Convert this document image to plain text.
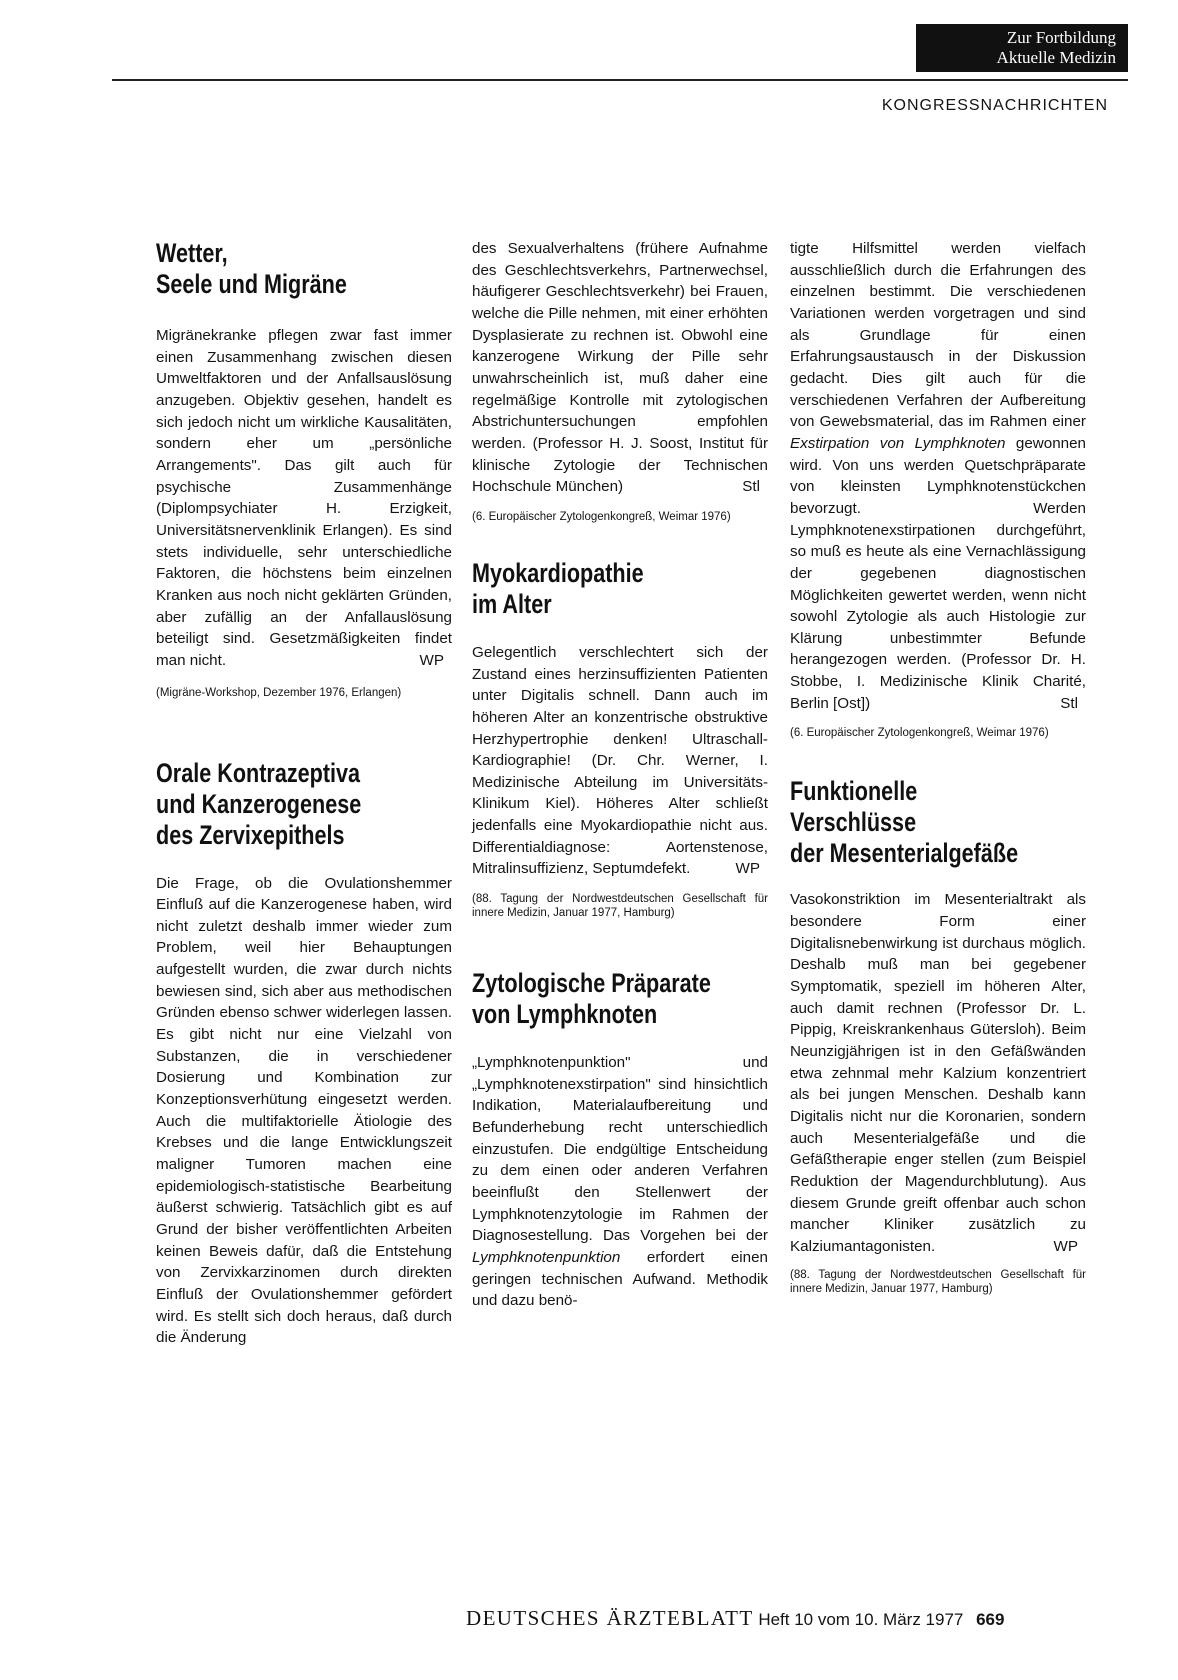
Zur Fortbildung
Aktuelle Medizin
KONGRESSNACHRICHTEN
Wetter,
Seele und Migräne

Migränekranke pflegen zwar fast immer einen Zusammenhang zwischen diesen Umweltfaktoren und der Anfallsauslösung anzugeben. Objektiv gesehen, handelt es sich jedoch nicht um wirkliche Kausalitäten, sondern eher um „persönliche Arrangements". Das gilt auch für psychische Zusammenhänge (Diplompsychiater H. Erzigkeit, Universitätsnervenklinik Erlangen). Es sind stets individuelle, sehr unterschiedliche Faktoren, die höchstens beim einzelnen Kranken aus noch nicht geklärten Gründen, aber zufällig an der Anfallauslösung beteiligt sind. Gesetzmäßigkeiten findet man nicht.	WP

(Migräne-Workshop, Dezember 1976, Erlangen)

Orale Kontrazeptiva
und Kanzerogenese
des Zervixepithels

Die Frage, ob die Ovulationshemmer Einfluß auf die Kanzerogenese haben, wird nicht zuletzt deshalb immer wieder zum Problem, weil hier Behauptungen aufgestellt wurden, die zwar durch nichts bewiesen sind, sich aber aus methodischen Gründen ebenso schwer widerlegen lassen. Es gibt nicht nur eine Vielzahl von Substanzen, die in verschiedener Dosierung und Kombination zur Konzeptionsverhütung eingesetzt werden. Auch die multifaktorielle Ätiologie des Krebses und die lange Entwicklungszeit maligner Tumoren machen eine epidemiologisch-statistische Bearbeitung äußerst schwierig. Tatsächlich gibt es auf Grund der bisher veröffentlichten Arbeiten keinen Beweis dafür, daß die Entstehung von Zervixkarzinomen durch direkten Einfluß der Ovulationshemmer gefördert wird. Es stellt sich doch heraus, daß durch die Änderung

des Sexualverhaltens (frühere Aufnahme des Geschlechtsverkehrs, Partnerwechsel, häufigerer Geschlechtsverkehr) bei Frauen, welche die Pille nehmen, mit einer erhöhten Dysplasierate zu rechnen ist. Obwohl eine kanzerogene Wirkung der Pille sehr unwahrscheinlich ist, muß daher eine regelmäßige Kontrolle mit zytologischen Abstrichuntersuchungen empfohlen werden. (Professor H. J. Soost, Institut für klinische Zytologie der Technischen Hochschule München)	Stl

(6. Europäischer Zytologenkongreß, Weimar 1976)

Myokardiopathie
im Alter

Gelegentlich verschlechtert sich der Zustand eines herzinsuffizienten Patienten unter Digitalis schnell. Dann auch im höheren Alter an konzentrische obstruktive Herzhypertrophie denken! Ultraschall-Kardiographie! (Dr. Chr. Werner, I. Medizinische Abteilung im Universitäts-Klinikum Kiel). Höheres Alter schließt jedenfalls eine Myokardiopathie nicht aus. Differentialdiagnose: Aortenstenose, Mitralinsuffizienz, Septumdefekt.	WP

(88. Tagung der Nordwestdeutschen Gesellschaft für innere Medizin, Januar 1977, Hamburg)

Zytologische Präparate
von Lymphknoten

„Lymphknotenpunktion" und „Lymphknotenexstirpation" sind hinsichtlich Indikation, Materialaufbereitung und Befunderhebung recht unterschiedlich einzustufen. Die endgültige Entscheidung zu dem einen oder anderen Verfahren beeinflußt den Stellenwert der Lymphknotenzytologie im Rahmen der Diagnosestellung. Das Vorgehen bei der Lymphknotenpunktion erfordert einen geringen technischen Aufwand. Methodik und dazu benö-

tigte Hilfsmittel werden vielfach ausschließlich durch die Erfahrungen des einzelnen bestimmt. Die verschiedenen Variationen werden vorgetragen und sind als Grundlage für einen Erfahrungsaustausch in der Diskussion gedacht. Dies gilt auch für die verschiedenen Verfahren der Aufbereitung von Gewebsmaterial, das im Rahmen einer Exstirpation von Lymphknoten gewonnen wird. Von uns werden Quetschpräparate von kleinsten Lymphknotenstückchen bevorzugt. Werden Lymphknotenexstirpationen durchgeführt, so muß es heute als eine Vernachlässigung der gegebenen diagnostischen Möglichkeiten gewertet werden, wenn nicht sowohl Zytologie als auch Histologie zur Klärung unbestimmter Befunde herangezogen werden. (Professor Dr. H. Stobbe, I. Medizinische Klinik Charité, Berlin [Ost])	Stl

(6. Europäischer Zytologenkongreß, Weimar 1976)

Funktionelle
Verschlüsse
der Mesenterialgefäße

Vasokonstriktion im Mesenterialtrakt als besondere Form einer Digitalisnebenwirkung ist durchaus möglich. Deshalb muß man bei gegebener Symptomatik, speziell im höheren Alter, auch damit rechnen (Professor Dr. L. Pippig, Kreiskrankenhaus Gütersloh). Beim Neunzigjährigen ist in den Gefäßwänden etwa zehnmal mehr Kalzium konzentriert als bei jungen Menschen. Deshalb kann Digitalis nicht nur die Koronarien, sondern auch Mesenterialgefäße und die Gefäßtherapie enger stellen (zum Beispiel Reduktion der Magendurchblutung). Aus diesem Grunde greift offenbar auch schon mancher Kliniker zusätzlich zu Kalziumantagonisten.	WP

(88. Tagung der Nordwestdeutschen Gesellschaft für innere Medizin, Januar 1977, Hamburg)

DEUTSCHES ÄRZTEBLATT Heft 10 vom 10. März 1977 669
